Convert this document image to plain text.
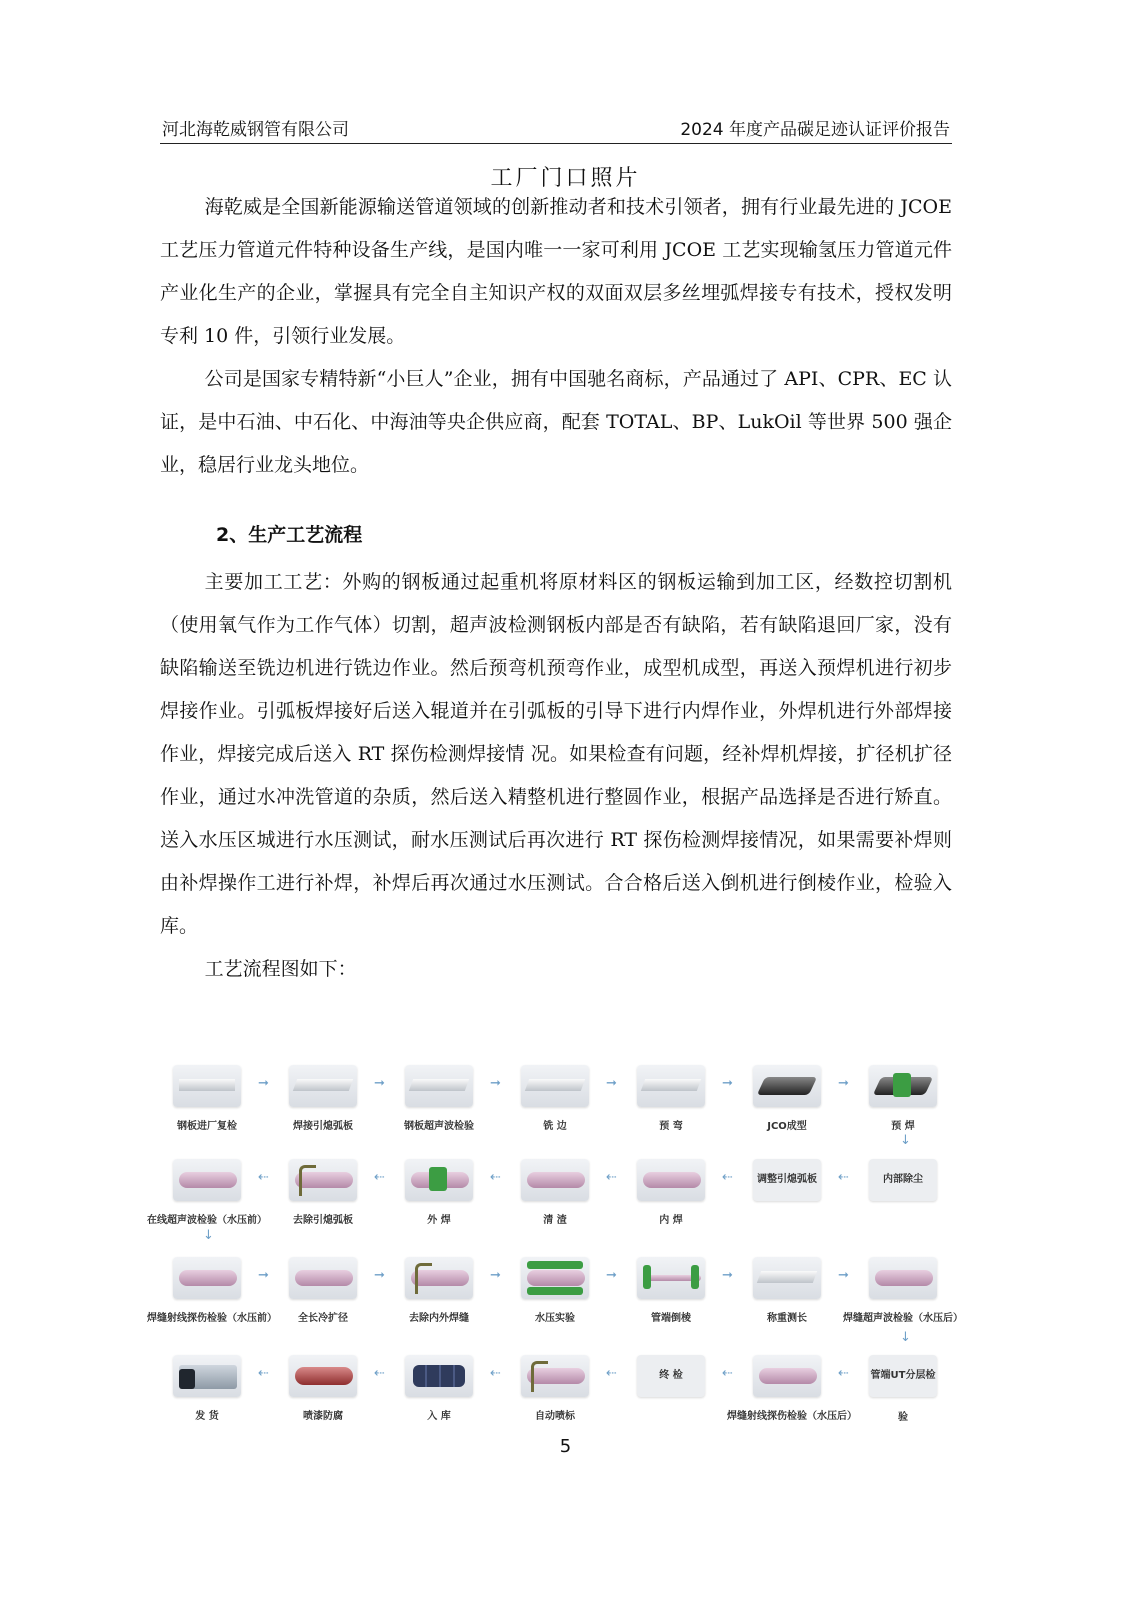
河北海乾威钢管有限公司	2024 年度产品碳足迹认证评价报告
工厂门口照片

海乾威是全国新能源输送管道领域的创新推动者和技术引领者，拥有行业最先进的 JCOE 工艺压力管道元件特种设备生产线，是国内唯一一家可利用 JCOE 工艺实现输氢压力管道元件产业化生产的企业，掌握具有完全自主知识产权的双面双层多丝埋弧焊接专有技术，授权发明专利 10 件，引领行业发展。

公司是国家专精特新“小巨人”企业，拥有中国驰名商标，产品通过了 API、CPR、EC 认证，是中石油、中石化、中海油等央企供应商，配套 TOTAL、BP、LukOil 等世界 500 强企业，稳居行业龙头地位。

2、生产工艺流程

主要加工工艺：外购的钢板通过起重机将原材料区的钢板运输到加工区，经数控切割机（使用氧气作为工作气体）切割，超声波检测钢板内部是否有缺陷，若有缺陷退回厂家，没有缺陷输送至铣边机进行铣边作业。然后预弯机预弯作业，成型机成型，再送入预焊机进行初步焊接作业。引弧板焊接好后送入辊道并在引弧板的引导下进行内焊作业，外焊机进行外部焊接作业，焊接完成后送入 RT 探伤检测焊接情 况。如果检查有问题，经补焊机焊接，扩径机扩径作业，通过水冲洗管道的杂质，然后送入精整机进行整圆作业，根据产品选择是否进行矫直。送入水压区城进行水压测试，耐水压测试后再次进行 RT 探伤检测焊接情况，如果需要补焊则由补焊操作工进行补焊，补焊后再次通过水压测试。合合格后送入倒机进行倒棱作业，检验入库。

工艺流程图如下：

钢板进厂复检	焊接引熄弧板	钢板超声波检验	铣 边	预 弯	JCO成型	预 焊
➞	➞	➞	➞	➞	➞
↓
在线超声波检验（水压前）	去除引熄弧板	外 焊	清 渣	内 焊
调整引熄弧板	内部除尘
⇠	⇠	⇠	⇠	⇠	⇠
↓
焊缝射线探伤检验（水压前）	全长冷扩径	去除内外焊缝	水压实验	管端倒棱	称重测长	焊缝超声波检验（水压后）
➞	➞	➞	➞	➞	➞
↓
发 货	喷漆防腐	入 库	自动喷标
终 检
焊缝射线探伤检验（水压后）
管端UT分层检验
⇠	⇠	⇠	⇠	⇠	⇠
5
